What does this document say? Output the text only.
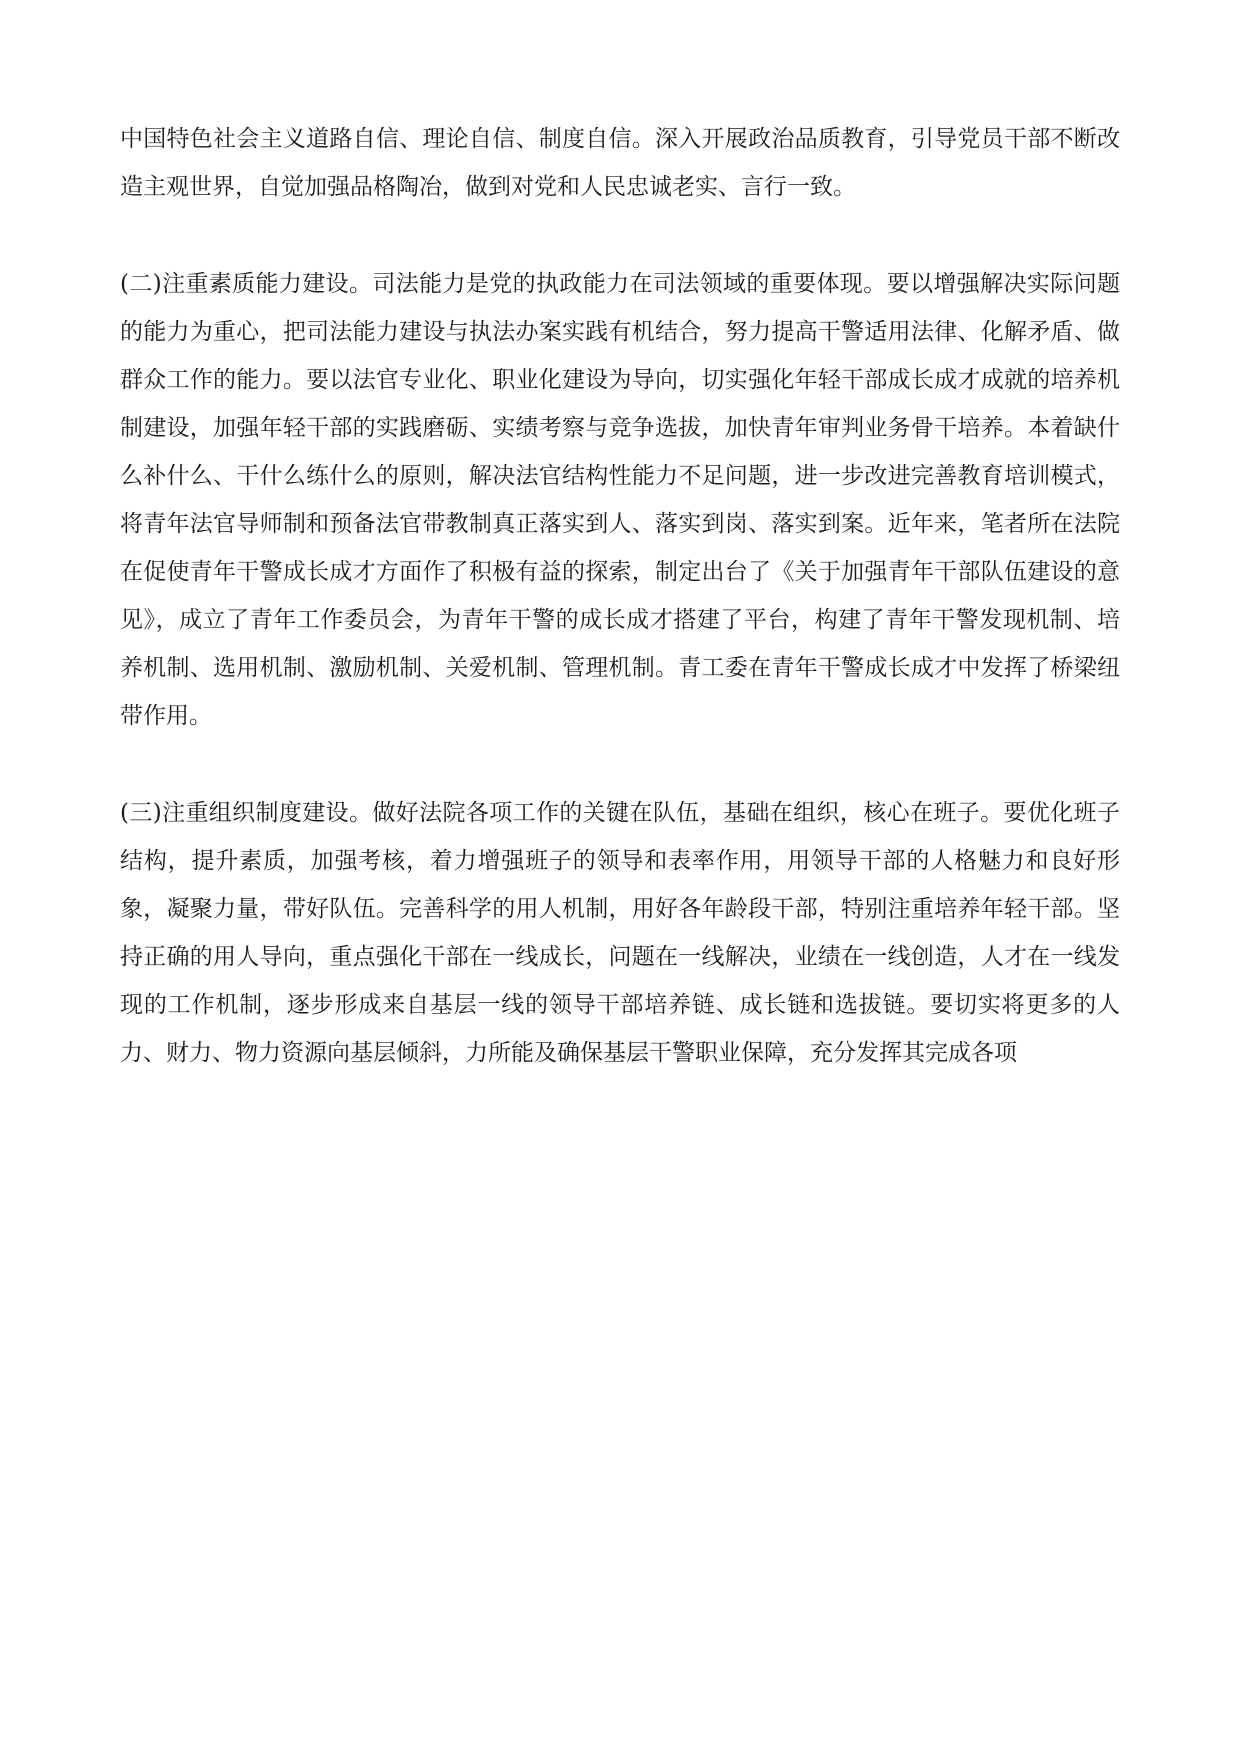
中国特色社会主义道路自信、理论自信、制度自信。深入开展政治品质教育，引导党员干部不断改造主观世界，自觉加强品格陶冶，做到对党和人民忠诚老实、言行一致。

(二)注重素质能力建设。司法能力是党的执政能力在司法领域的重要体现。要以增强解决实际问题的能力为重心，把司法能力建设与执法办案实践有机结合，努力提高干警适用法律、化解矛盾、做群众工作的能力。要以法官专业化、职业化建设为导向，切实强化年轻干部成长成才成就的培养机制建设，加强年轻干部的实践磨砺、实绩考察与竞争选拔，加快青年审判业务骨干培养。本着缺什么补什么、干什么练什么的原则，解决法官结构性能力不足问题，进一步改进完善教育培训模式，将青年法官导师制和预备法官带教制真正落实到人、落实到岗、落实到案。近年来，笔者所在法院在促使青年干警成长成才方面作了积极有益的探索，制定出台了《关于加强青年干部队伍建设的意见》，成立了青年工作委员会，为青年干警的成长成才搭建了平台，构建了青年干警发现机制、培养机制、选用机制、激励机制、关爱机制、管理机制。青工委在青年干警成长成才中发挥了桥梁纽带作用。

(三)注重组织制度建设。做好法院各项工作的关键在队伍，基础在组织，核心在班子。要优化班子结构，提升素质，加强考核，着力增强班子的领导和表率作用，用领导干部的人格魅力和良好形象，凝聚力量，带好队伍。完善科学的用人机制，用好各年龄段干部，特别注重培养年轻干部。坚持正确的用人导向，重点强化干部在一线成长，问题在一线解决，业绩在一线创造，人才在一线发现的工作机制，逐步形成来自基层一线的领导干部培养链、成长链和选拔链。要切实将更多的人力、财力、物力资源向基层倾斜，力所能及确保基层干警职业保障，充分发挥其完成各项
